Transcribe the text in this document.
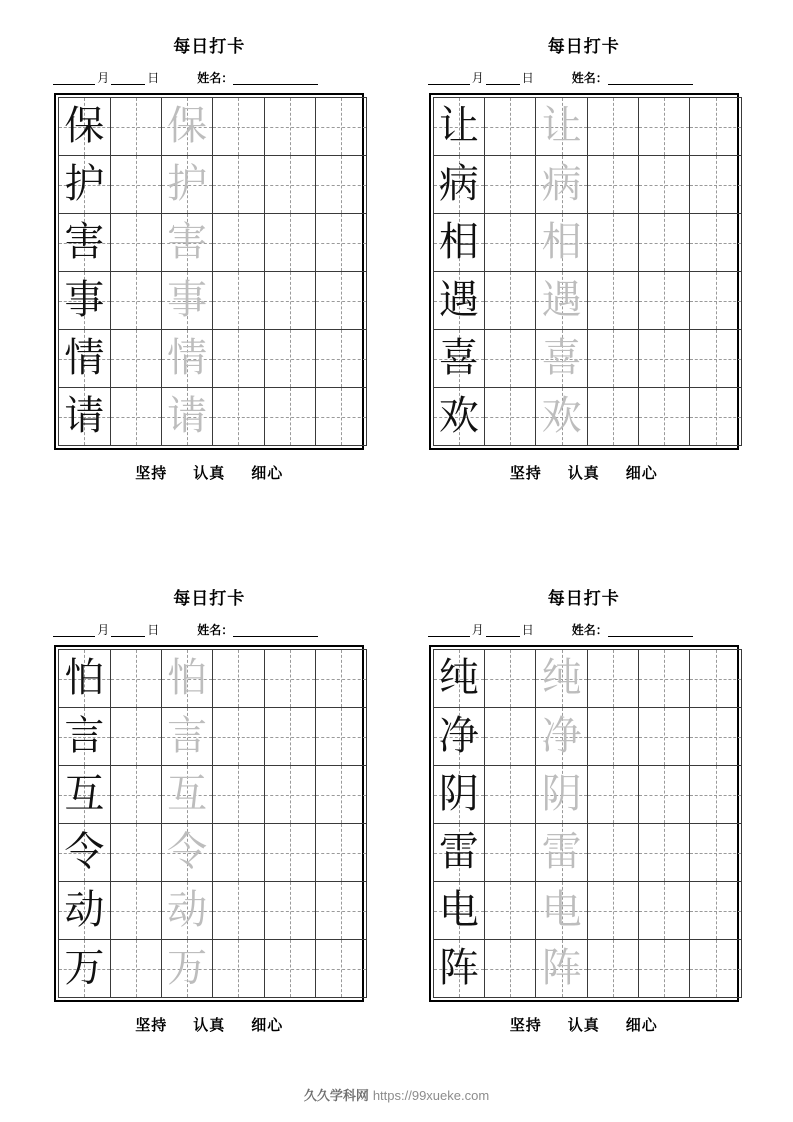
每日打卡
月	日	姓名：
保		保			

护		护			

害		害			

事		事			

情		情			

请		请			

坚持 认真 细心
每日打卡
月	日	姓名：
让		让			

病		病			

相		相			

遇		遇			

喜		喜			

欢		欢			

坚持 认真 细心
每日打卡
月	日	姓名：
怕		怕			

言		言			

互		互			

令		令			

动		动			

万		万			

坚持 认真 细心
每日打卡
月	日	姓名：
纯		纯			

净		净			

阴		阴			

雷		雷			

电		电			

阵		阵			

坚持 认真 细心
久久学科网 https://99xueke.com
